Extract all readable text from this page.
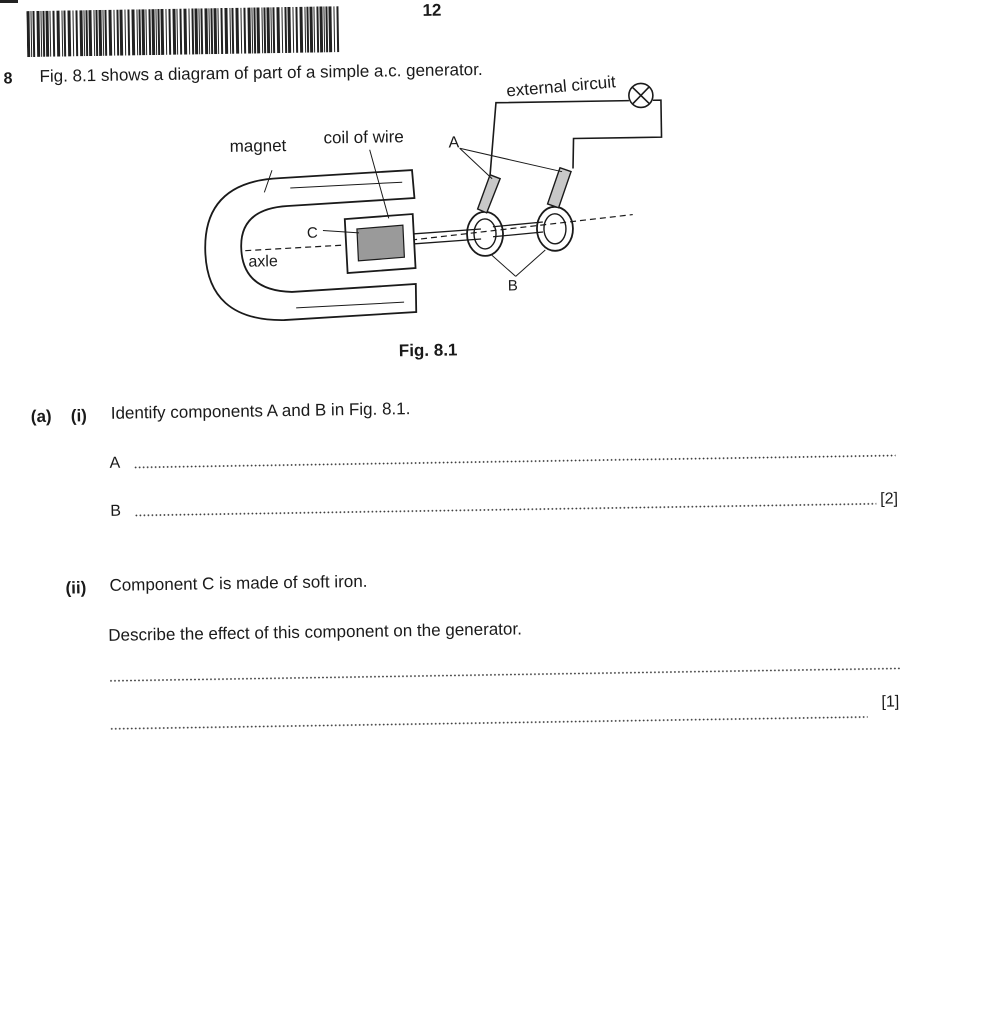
12
8 Fig. 8.1 shows a diagram of part of a simple a.c. generator. external circuit
magnet coil of wire	A
C
axle
B
Fig. 8.1
(a) (i) Identify components A and B in Fig. 8.1.
A
B
[2]
(ii) Component C is made of soft iron.
Describe the effect of this component on the generator.
[1]
